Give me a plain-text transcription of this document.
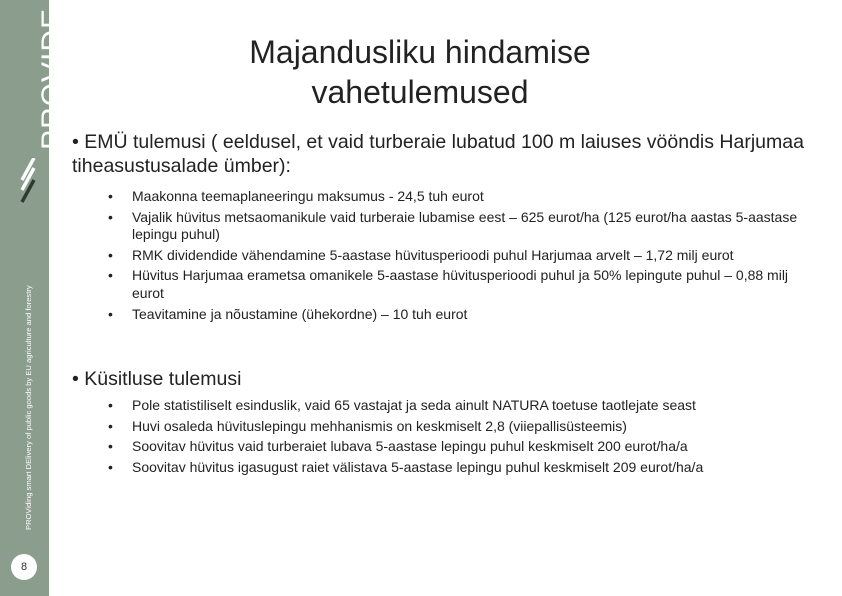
PROVIDE
PROViding smart DElivery of public goods by EU agriculture and forestry
8
Majandusliku hindamise
vahetulemused
• EMÜ tulemusi ( eeldusel, et vaid turberaie lubatud 100 m laiuses vööndis Harjumaa tiheasustusalade ümber):
• Maakonna teemaplaneeringu maksumus - 24,5 tuh eurot
• Vajalik hüvitus metsaomanikule vaid turberaie lubamise eest – 625 eurot/ha (125 eurot/ha aastas 5-aastase lepingu puhul)
• RMK dividendide vähendamine 5-aastase hüvitusperioodi puhul Harjumaa arvelt – 1,72 milj eurot
• Hüvitus Harjumaa erametsa omanikele 5-aastase hüvitusperioodi puhul ja 50% lepingute puhul – 0,88 milj eurot
• Teavitamine ja nõustamine (ühekordne) – 10 tuh eurot
• Küsitluse tulemusi
• Pole statistiliselt esinduslik, vaid 65 vastajat ja seda ainult NATURA toetuse taotlejate seast
• Huvi osaleda hüvituslepingu mehhanismis on keskmiselt 2,8 (viiepallisüsteemis)
• Soovitav hüvitus vaid turberaiet lubava 5-aastase lepingu puhul keskmiselt 200 eurot/ha/a
• Soovitav hüvitus igasugust raiet välistava 5-aastase lepingu puhul keskmiselt 209 eurot/ha/a
